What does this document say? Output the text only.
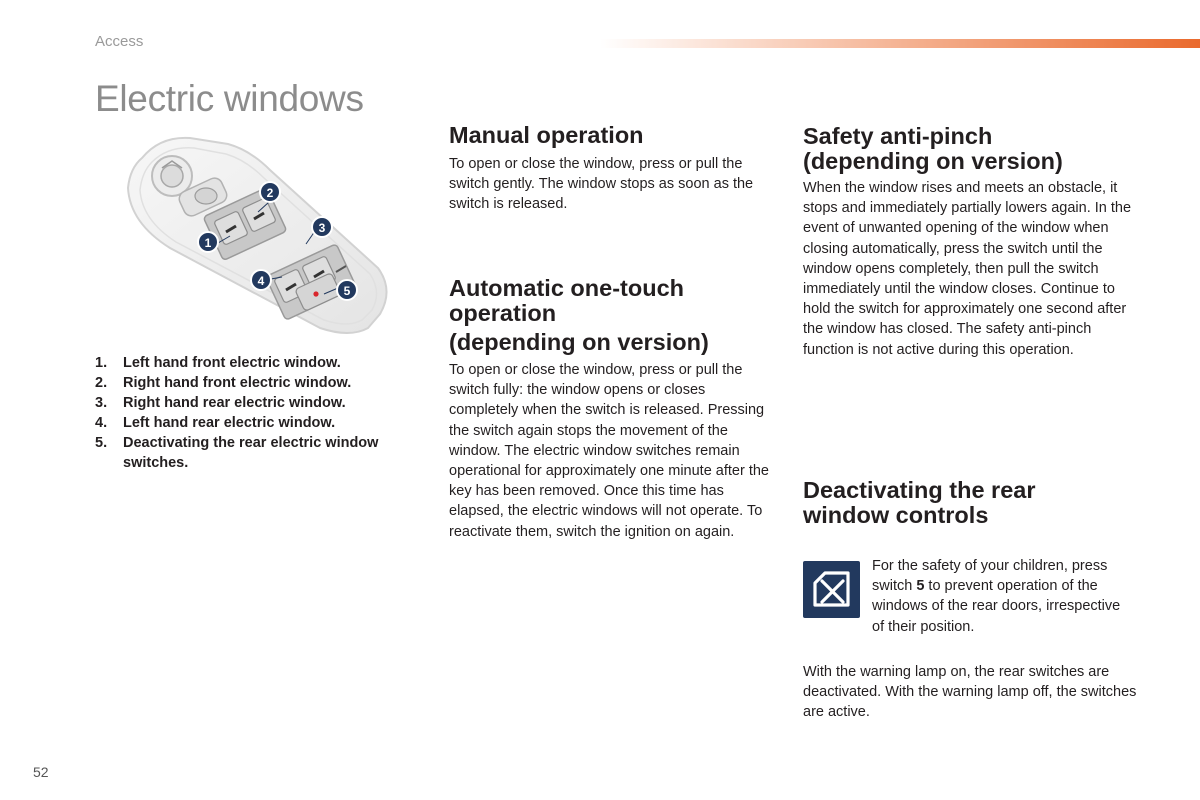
Access
Electric windows
1
2
3
4
5
1. Left hand front electric window.
2. Right hand front electric window.
3. Right hand rear electric window.
4. Left hand rear electric window.
5. Deactivating the rear electric window switches.
Manual operation

To open or close the window, press or pull the switch gently. The window stops as soon as the switch is released.

Automatic one-touch operation
(depending on version)

To open or close the window, press or pull the switch fully: the window opens or closes completely when the switch is released. Pressing the switch again stops the movement of the window. The electric window switches remain operational for approximately one minute after the key has been removed. Once this time has elapsed, the electric windows will not operate. To reactivate them, switch the ignition on again.

Safety anti-pinch (depending on version)

When the window rises and meets an obstacle, it stops and immediately partially lowers again. In the event of unwanted opening of the window when closing automatically, press the switch until the window opens completely, then pull the switch immediately until the window closes. Continue to hold the switch for approximately one second after the window has closed. The safety anti-pinch function is not active during this operation.

Deactivating the rear window controls

For the safety of your children, press switch 5 to prevent operation of the windows of the rear doors, irrespective of their position.

With the warning lamp on, the rear switches are deactivated. With the warning lamp off, the switches are active.

52
